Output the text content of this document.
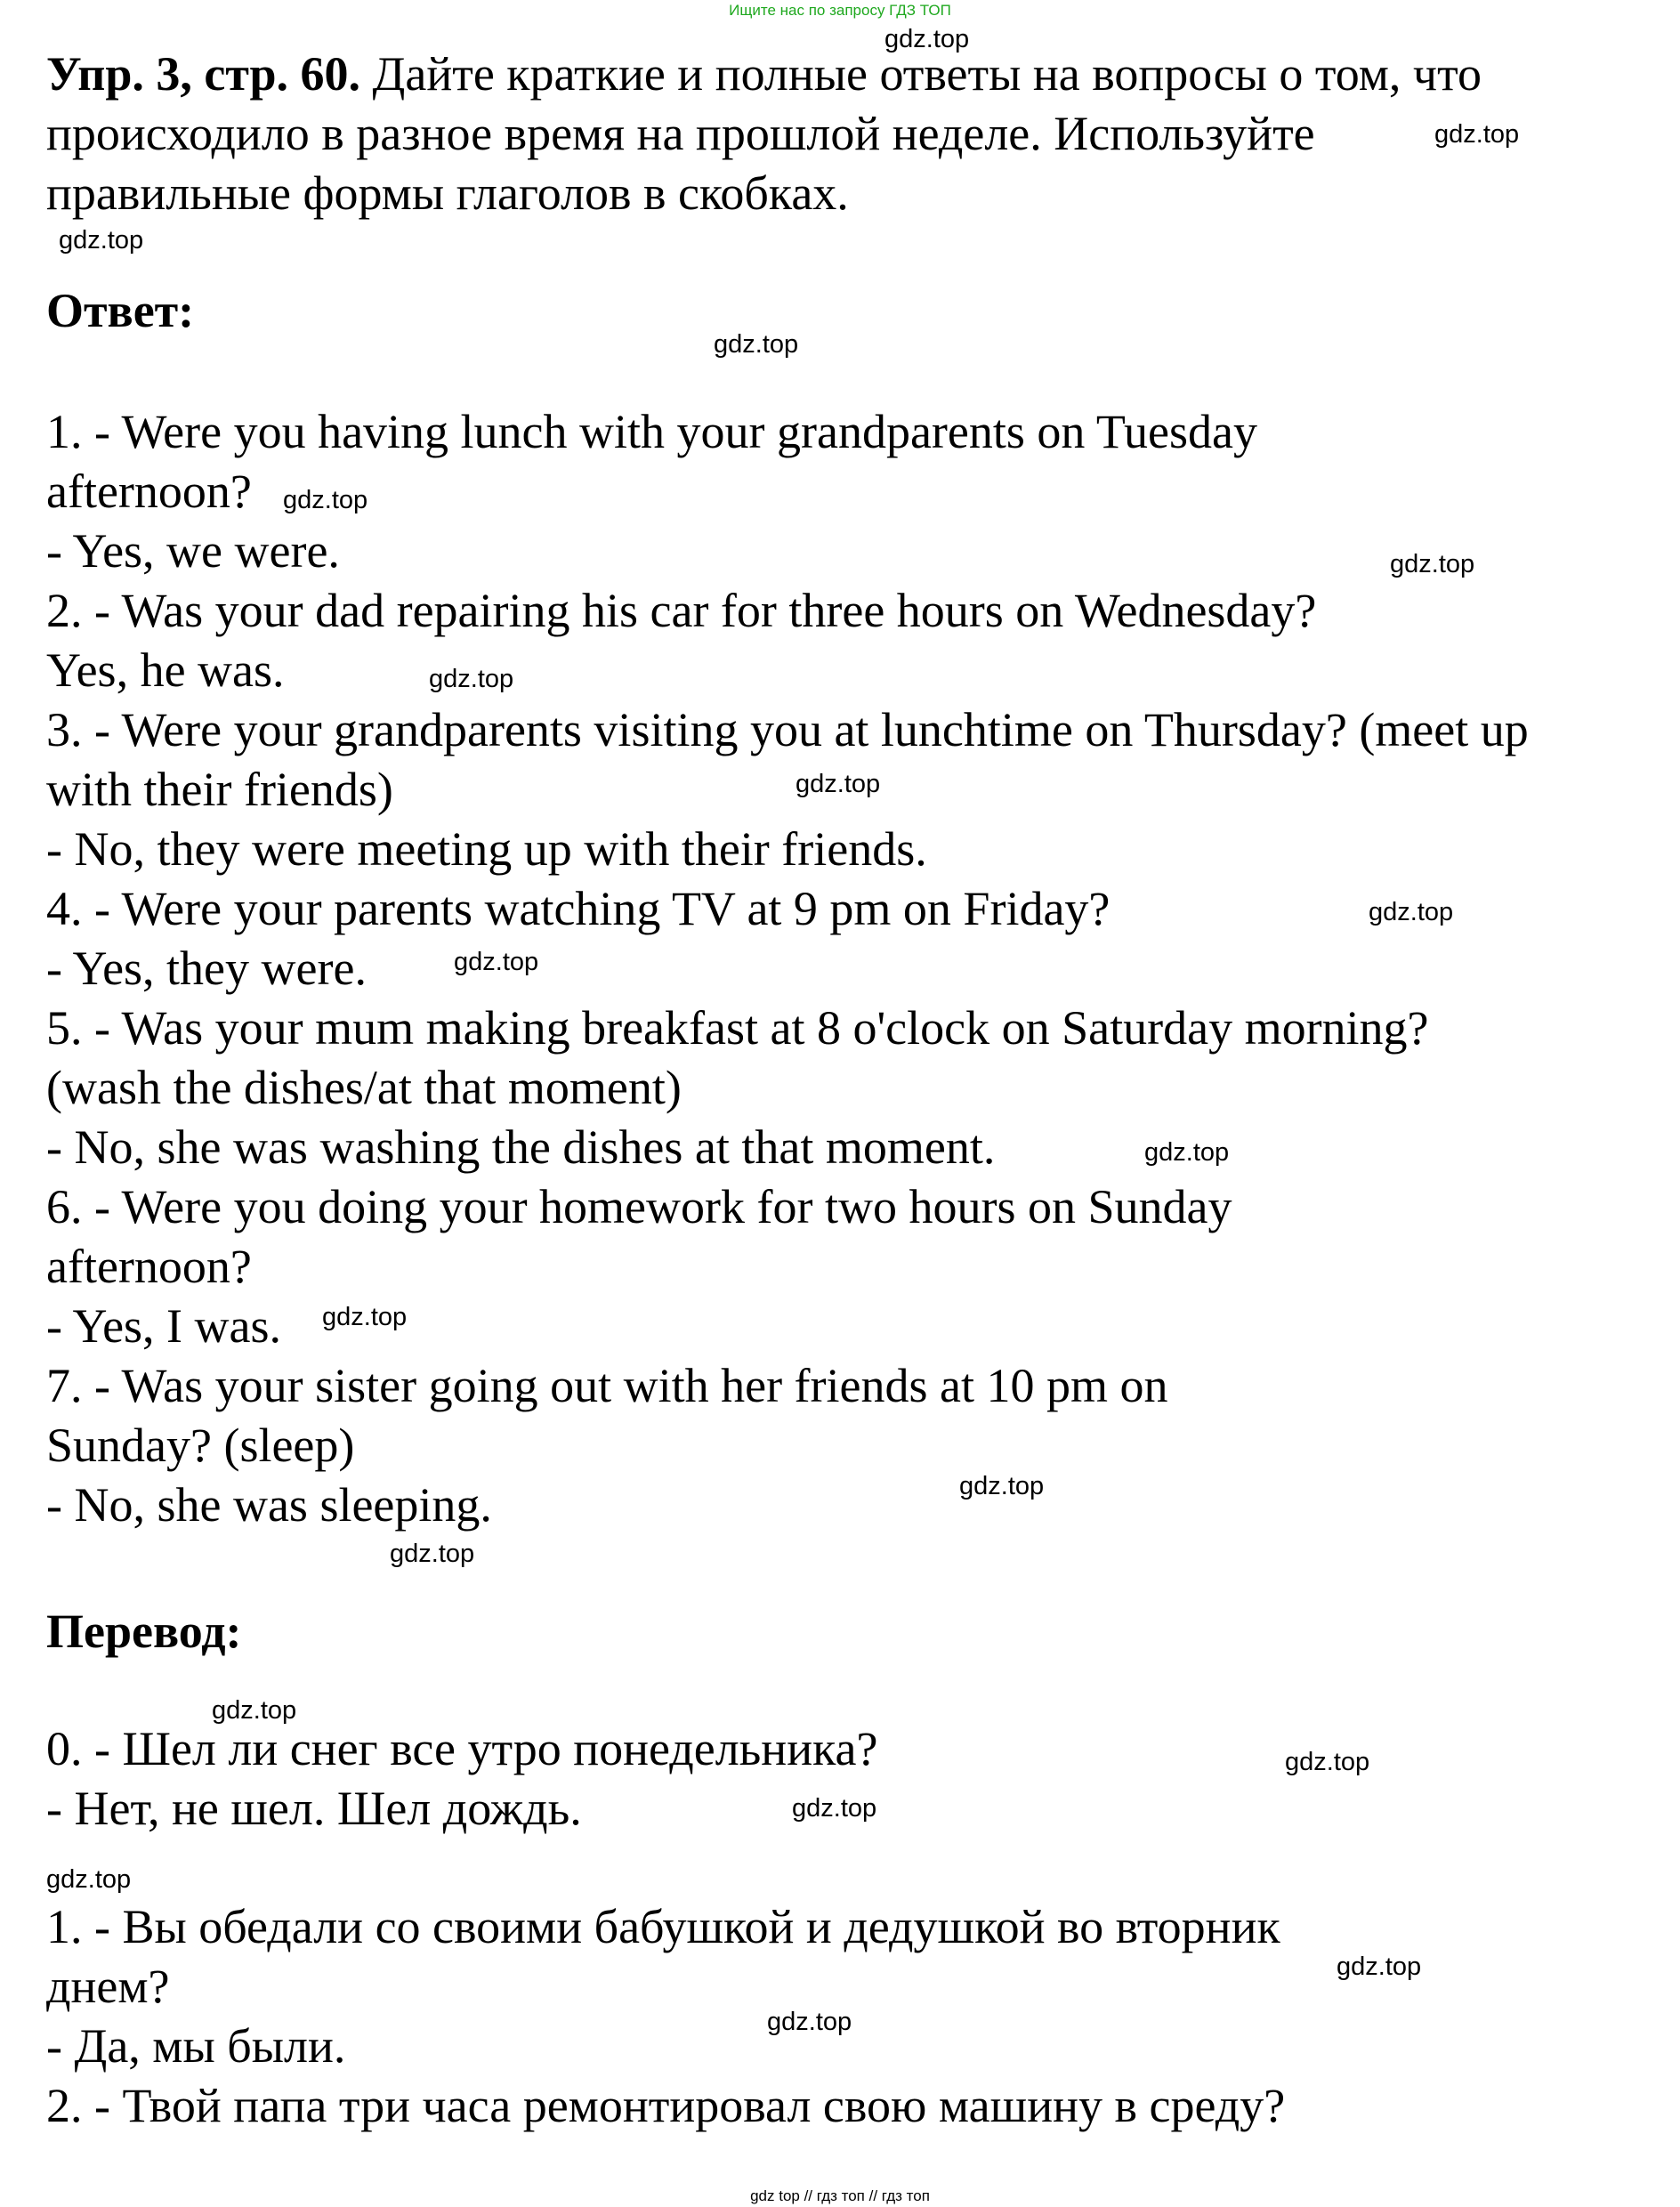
Ищите нас по запросу ГДЗ ТОП

Упр. 3, стр. 60. Дайте краткие и полные ответы на вопросы о том, что

происходило в разное время на прошлой неделе. Используйте

правильные формы глаголов в скобках.

Ответ:

1. - Were you having lunch with your grandparents on Tuesday

afternoon?

- Yes, we were.

2. - Was your dad repairing his car for three hours on Wednesday?

Yes, he was.

3. - Were your grandparents visiting you at lunchtime on Thursday? (meet up

with their friends)

- No, they were meeting up with their friends.

4. - Were your parents watching TV at 9 pm on Friday?

- Yes, they were.

5. - Was your mum making breakfast at 8 o'clock on Saturday morning?

(wash the dishes/at that moment)

- No, she was washing the dishes at that moment.

6. - Were you doing your homework for two hours on Sunday

afternoon?

- Yes, I was.

7. - Was your sister going out with her friends at 10 pm on

Sunday? (sleep)

- No, she was sleeping.

Перевод:

0. - Шел ли снег все утро понедельника?

- Нет, не шел. Шел дождь.

1. - Вы обедали со своими бабушкой и дедушкой во вторник

днем?

- Да, мы были.

2. - Твой папа три часа ремонтировал свою машину в среду?

gdz.top
gdz.top
gdz.top
gdz.top
gdz.top
gdz.top
gdz.top
gdz.top
gdz.top
gdz.top
gdz.top
gdz.top
gdz.top
gdz.top
gdz.top
gdz.top
gdz.top
gdz.top
gdz.top
gdz.top
gdz top // гдз топ // гдз топ
